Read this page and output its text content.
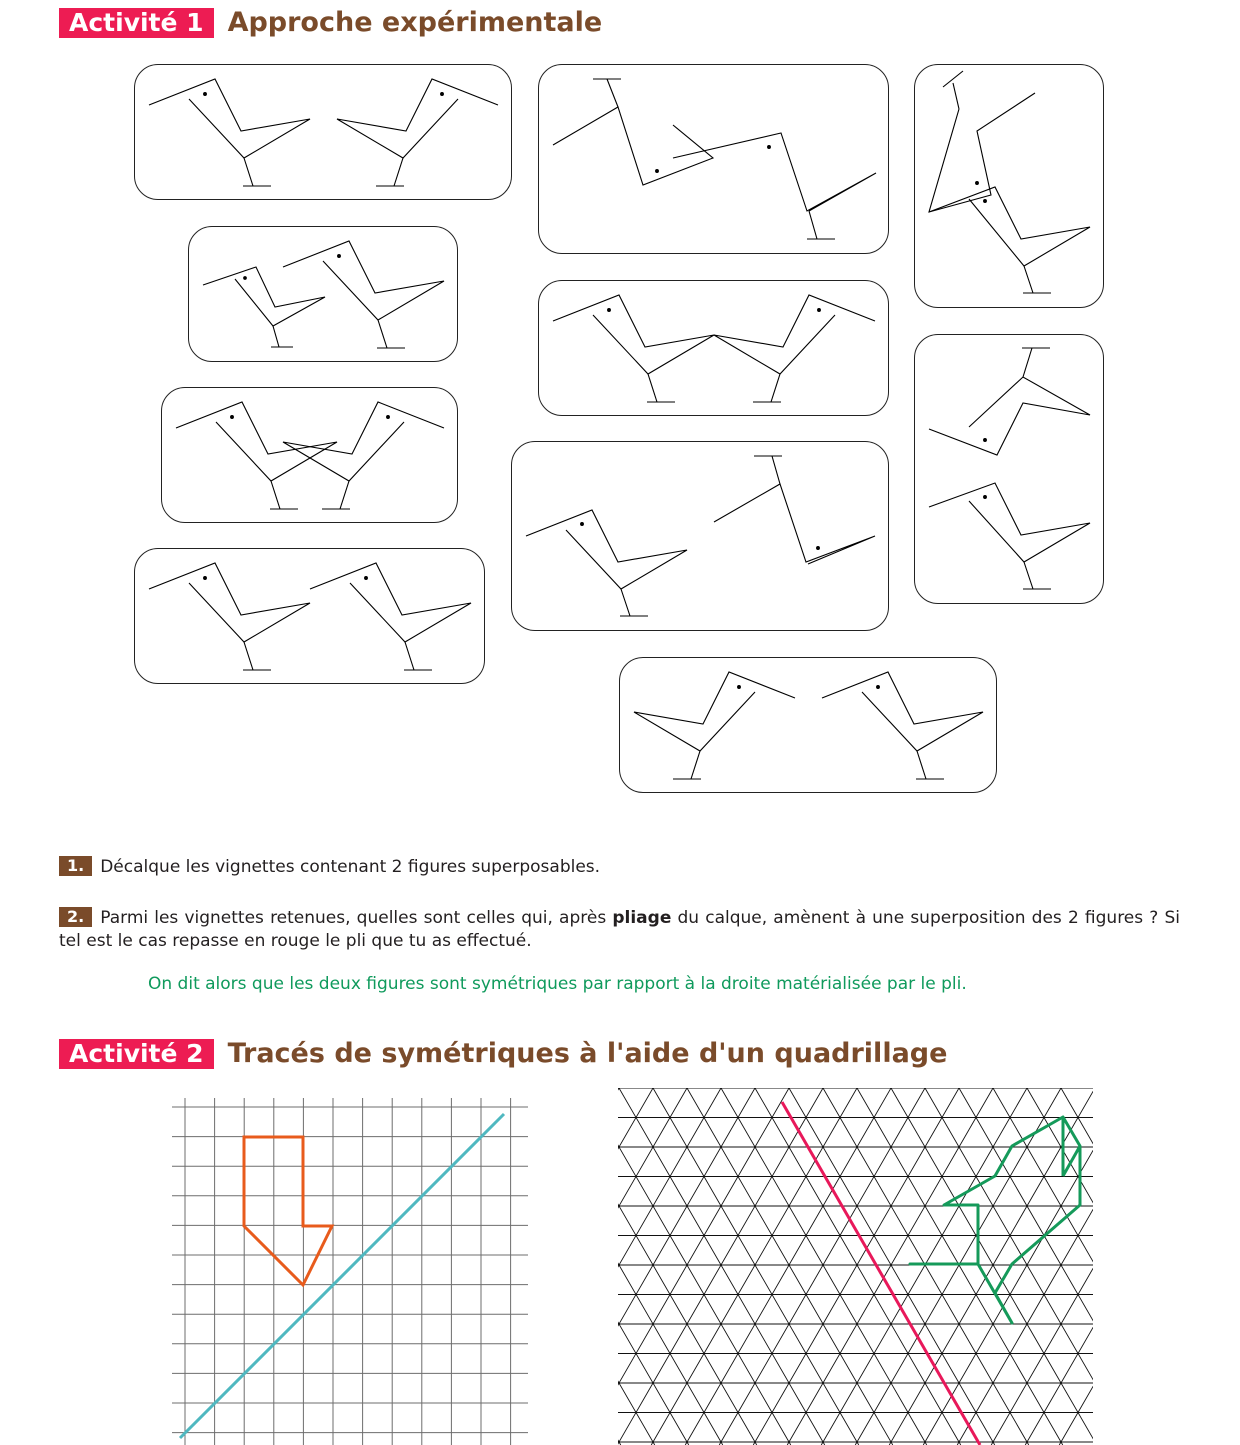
Activité 1 Approche expérimentale
1. Décalque les vignettes contenant 2 figures superposables.
2. Parmi les vignettes retenues, quelles sont celles qui, après pliage du calque, amènent à une superposition des 2 figures ? Si tel est le cas repasse en rouge le pli que tu as effectué.
On dit alors que les deux figures sont symétriques par rapport à la droite matérialisée par le pli.
Activité 2 Tracés de symétriques à l'aide d'un quadrillage
